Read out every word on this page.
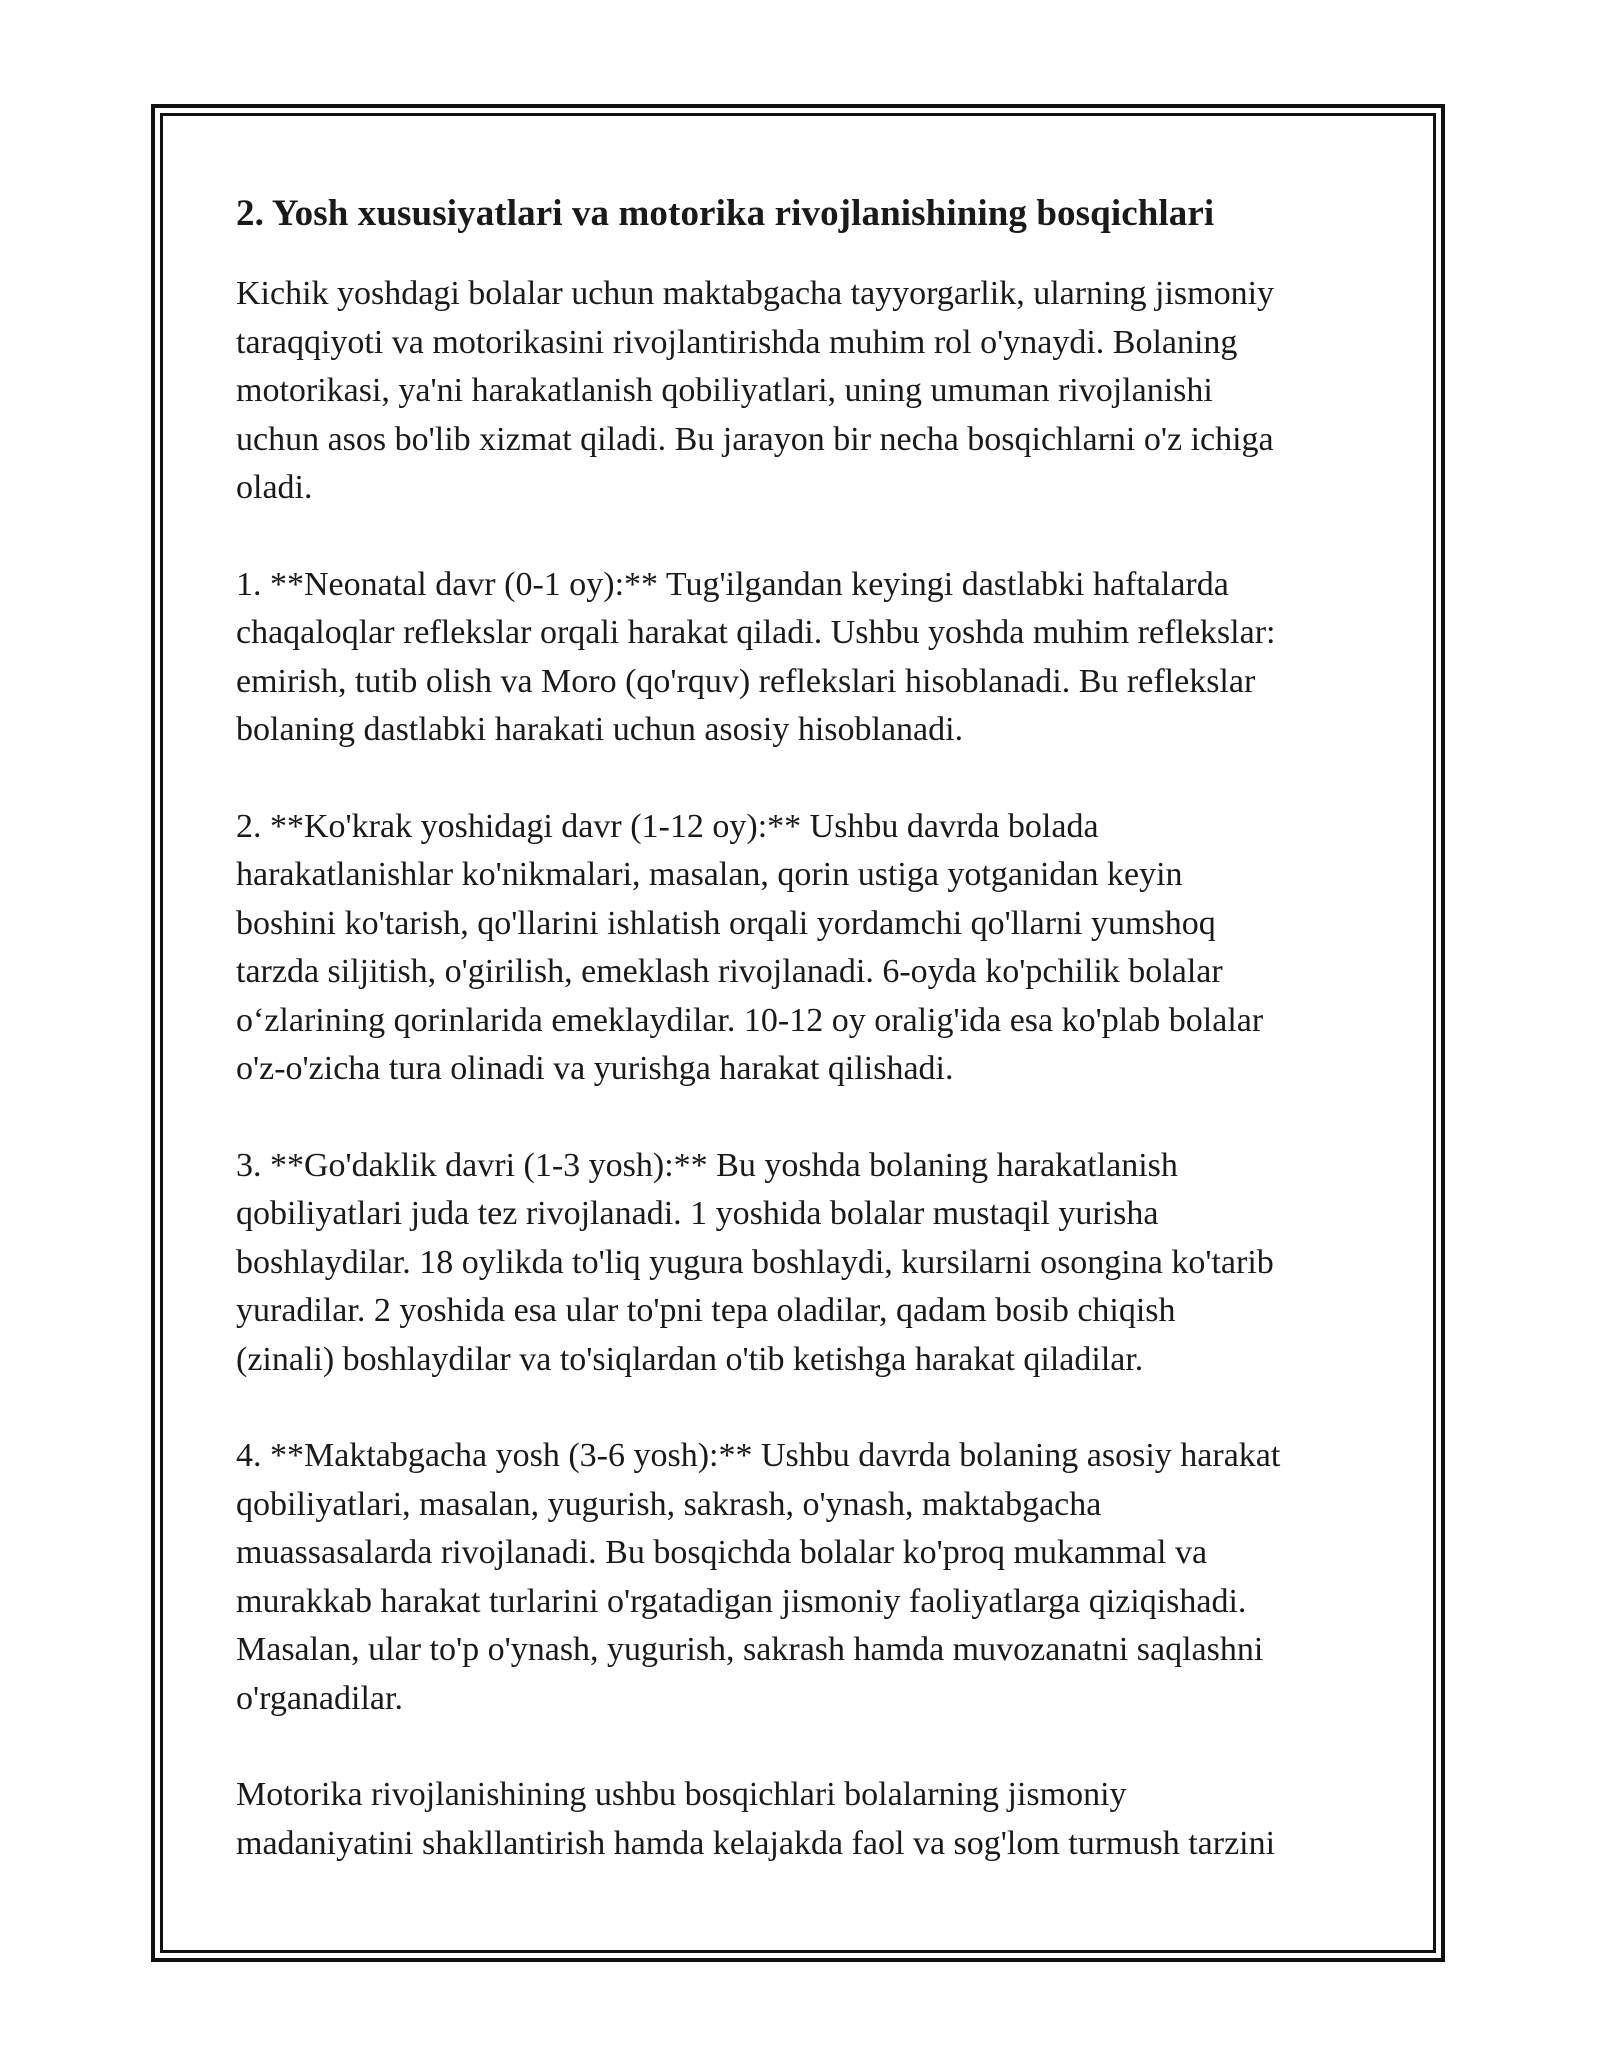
2. Yosh xususiyatlari va motorika rivojlanishining bosqichlari

Kichik yoshdagi bolalar uchun maktabgacha tayyorgarlik, ularning jismoniy
taraqqiyoti va motorikasini rivojlantirishda muhim rol o'ynaydi. Bolaning
motorikasi, ya'ni harakatlanish qobiliyatlari, uning umuman rivojlanishi
uchun asos bo'lib xizmat qiladi. Bu jarayon bir necha bosqichlarni o'z ichiga
oladi.

1. **Neonatal davr (0-1 oy):** Tug'ilgandan keyingi dastlabki haftalarda
chaqaloqlar reflekslar orqali harakat qiladi. Ushbu yoshda muhim reflekslar:
emirish, tutib olish va Moro (qo'rquv) reflekslari hisoblanadi. Bu reflekslar
bolaning dastlabki harakati uchun asosiy hisoblanadi.

2. **Ko'krak yoshidagi davr (1-12 oy):** Ushbu davrda bolada
harakatlanishlar ko'nikmalari, masalan, qorin ustiga yotganidan keyin
boshini ko'tarish, qo'llarini ishlatish orqali yordamchi qo'llarni yumshoq
tarzda siljitish, o'girilish, emeklash rivojlanadi. 6-oyda ko'pchilik bolalar
o‘zlarining qorinlarida emeklaydilar. 10-12 oy oralig'ida esa ko'plab bolalar
o'z-o'zicha tura olinadi va yurishga harakat qilishadi.

3. **Go'daklik davri (1-3 yosh):** Bu yoshda bolaning harakatlanish
qobiliyatlari juda tez rivojlanadi. 1 yoshida bolalar mustaqil yurisha
boshlaydilar. 18 oylikda to'liq yugura boshlaydi, kursilarni osongina ko'tarib
yuradilar. 2 yoshida esa ular to'pni tepa oladilar, qadam bosib chiqish
(zinali) boshlaydilar va to'siqlardan o'tib ketishga harakat qiladilar.

4. **Maktabgacha yosh (3-6 yosh):** Ushbu davrda bolaning asosiy harakat
qobiliyatlari, masalan, yugurish, sakrash, o'ynash, maktabgacha
muassasalarda rivojlanadi. Bu bosqichda bolalar ko'proq mukammal va
murakkab harakat turlarini o'rgatadigan jismoniy faoliyatlarga qiziqishadi.
Masalan, ular to'p o'ynash, yugurish, sakrash hamda muvozanatni saqlashni
o'rganadilar.

Motorika rivojlanishining ushbu bosqichlari bolalarning jismoniy
madaniyatini shakllantirish hamda kelajakda faol va sog'lom turmush tarzini
